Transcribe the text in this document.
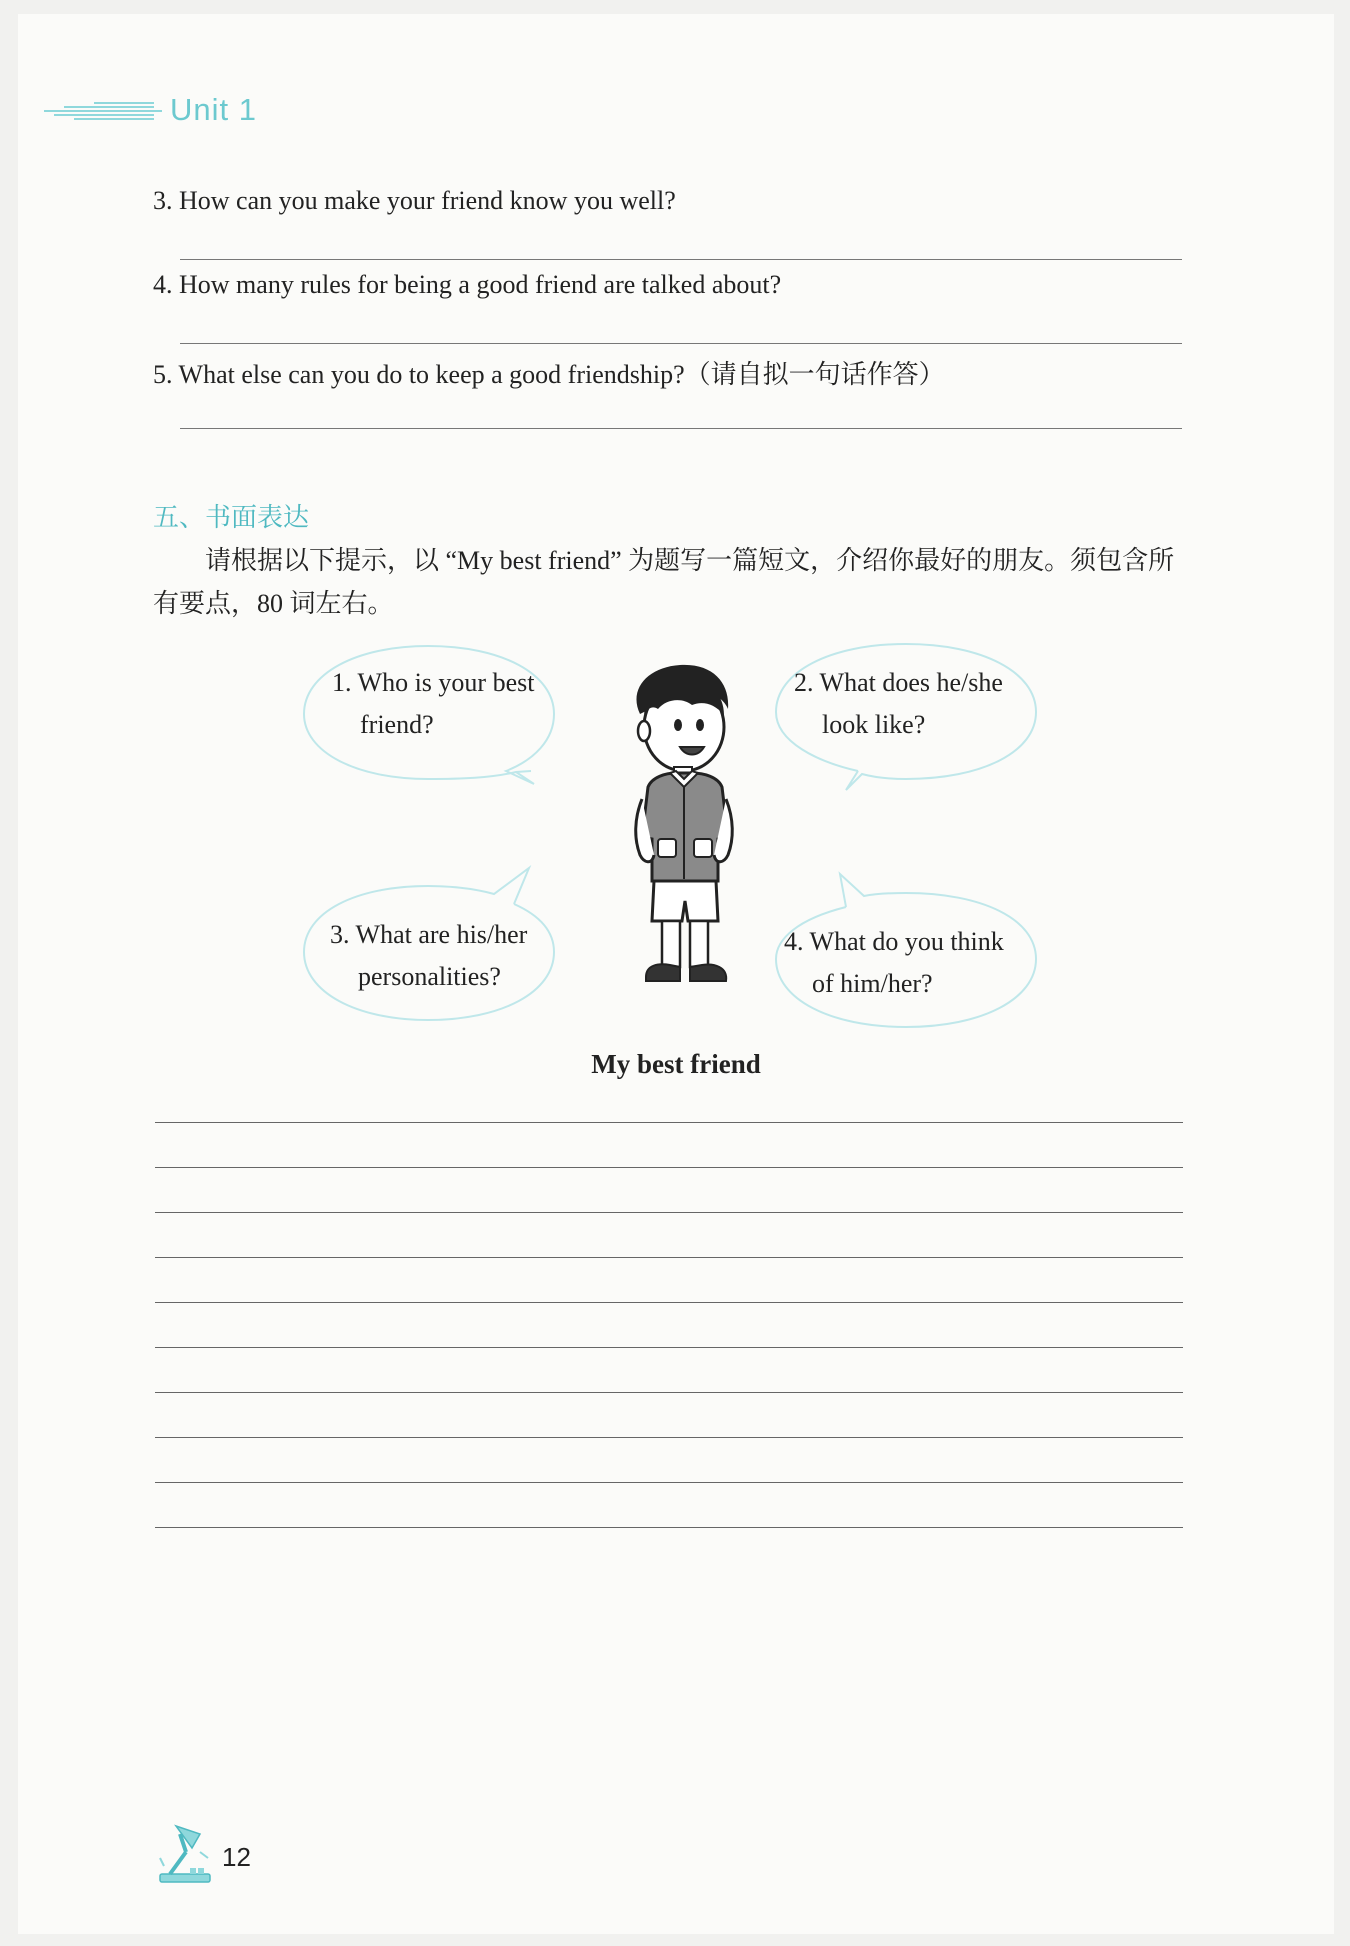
Unit 1
3. How can you make your friend know you well?
4. How many rules for being a good friend are talked about?
5. What else can you do to keep a good friendship?（请自拟一句话作答）
五、书面表达
请根据以下提示，以 “My best friend” 为题写一篇短文，介绍你最好的朋友。须包含所有要点，80 词左右。
1. Who is your best
friend?
2. What does he/she
look like?
3. What are his/her
personalities?
4. What do you think
of him/her?
My best friend
12
